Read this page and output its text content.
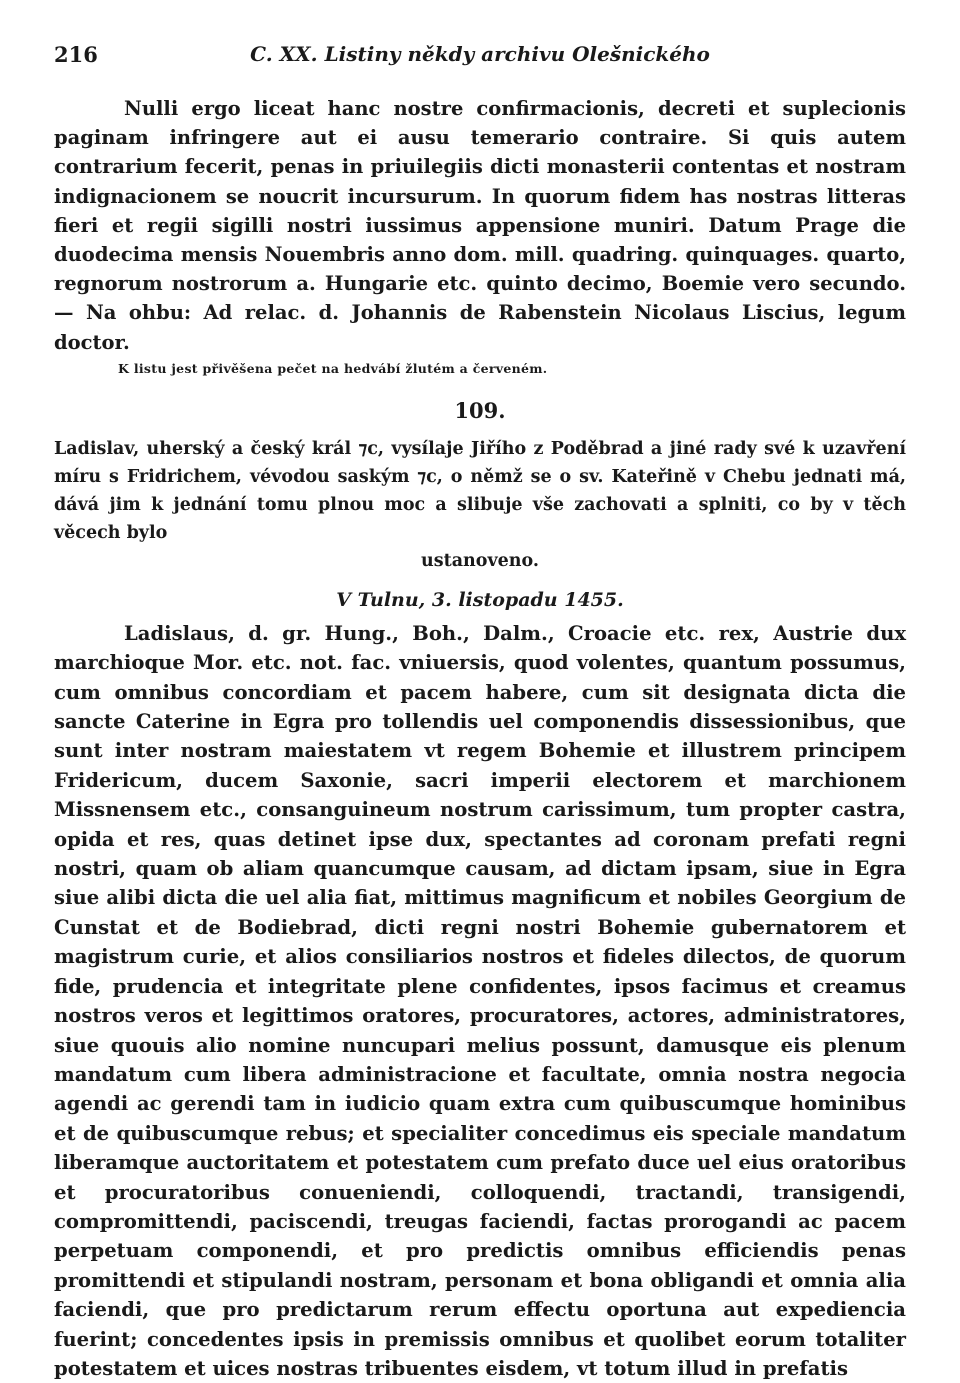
216	C. XX. Listiny někdy archivu Olešnického

Nulli ergo liceat hanc nostre confirmacionis, decreti et suplecionis paginam infringere aut ei ausu temerario contraire. Si quis autem contrarium fecerit, penas in priuilegiis dicti monasterii contentas et nostram indignacionem se noucrit incursurum. In quorum fidem has nostras litteras fieri et regii sigilli nostri iussimus appensione muniri. Datum Prage die duodecima mensis Nouembris anno dom. mill. quadring. quinquages. quarto, regnorum nostrorum a. Hungarie etc. quinto decimo, Boemie vero secundo. — Na ohbu: Ad relac. d. Johannis de Rabenstein Nicolaus Liscius, legum doctor.

K listu jest přivěšena pečet na hedvábí žlutém a červeném.
109.
Ladislav, uherský a český král ⁊c, vysílaje Jiřího z Poděbrad a jiné rady své k uzavření míru s Fridrichem, vévodou saským ⁊c, o němž se o sv. Kateřině v Chebu jednati má, dává jim k jednání tomu plnou moc a slibuje vše zachovati a splniti, co by v těch věcech bylo
ustanoveno.
V Tulnu, 3. listopadu 1455.

Ladislaus, d. gr. Hung., Boh., Dalm., Croacie etc. rex, Austrie dux marchioque Mor. etc. not. fac. vniuersis, quod volentes, quantum possumus, cum omnibus concordiam et pacem habere, cum sit designata dicta die sancte Caterine in Egra pro tollendis uel componendis dissessionibus, que sunt inter nostram maiestatem vt regem Bohemie et illustrem principem Fridericum, ducem Saxonie, sacri imperii electorem et marchionem Missnensem etc., consanguineum nostrum carissimum, tum propter castra, opida et res, quas detinet ipse dux, spectantes ad coronam prefati regni nostri, quam ob aliam quancumque causam, ad dictam ipsam, siue in Egra siue alibi dicta die uel alia fiat, mittimus magnificum et nobiles Georgium de Cunstat et de Bodiebrad, dicti regni nostri Bohemie gubernatorem et magistrum curie, et alios consiliarios nostros et fideles dilectos, de quorum fide, prudencia et integritate plene confidentes, ipsos facimus et creamus nostros veros et legittimos oratores, procuratores, actores, administratores, siue quouis alio nomine nuncupari melius possunt, damusque eis plenum mandatum cum libera administracione et facultate, omnia nostra negocia agendi ac gerendi tam in iudicio quam extra cum quibuscumque hominibus et de quibuscumque rebus; et specialiter concedimus eis speciale mandatum liberamque auctoritatem et potestatem cum prefato duce uel eius oratoribus et procuratoribus conueniendi, colloquendi, tractandi, transigendi, compromittendi, paciscendi, treugas faciendi, factas prorogandi ac pacem perpetuam componendi, et pro predictis omnibus efficiendis penas promittendi et stipulandi nostram, personam et bona obligandi et omnia alia faciendi, que pro predictarum rerum effectu oportuna aut expediencia fuerint; concedentes ipsis in premissis omnibus et quolibet eorum totaliter potestatem et uices nostras tribuentes eisdem, vt totum illud in prefatis
